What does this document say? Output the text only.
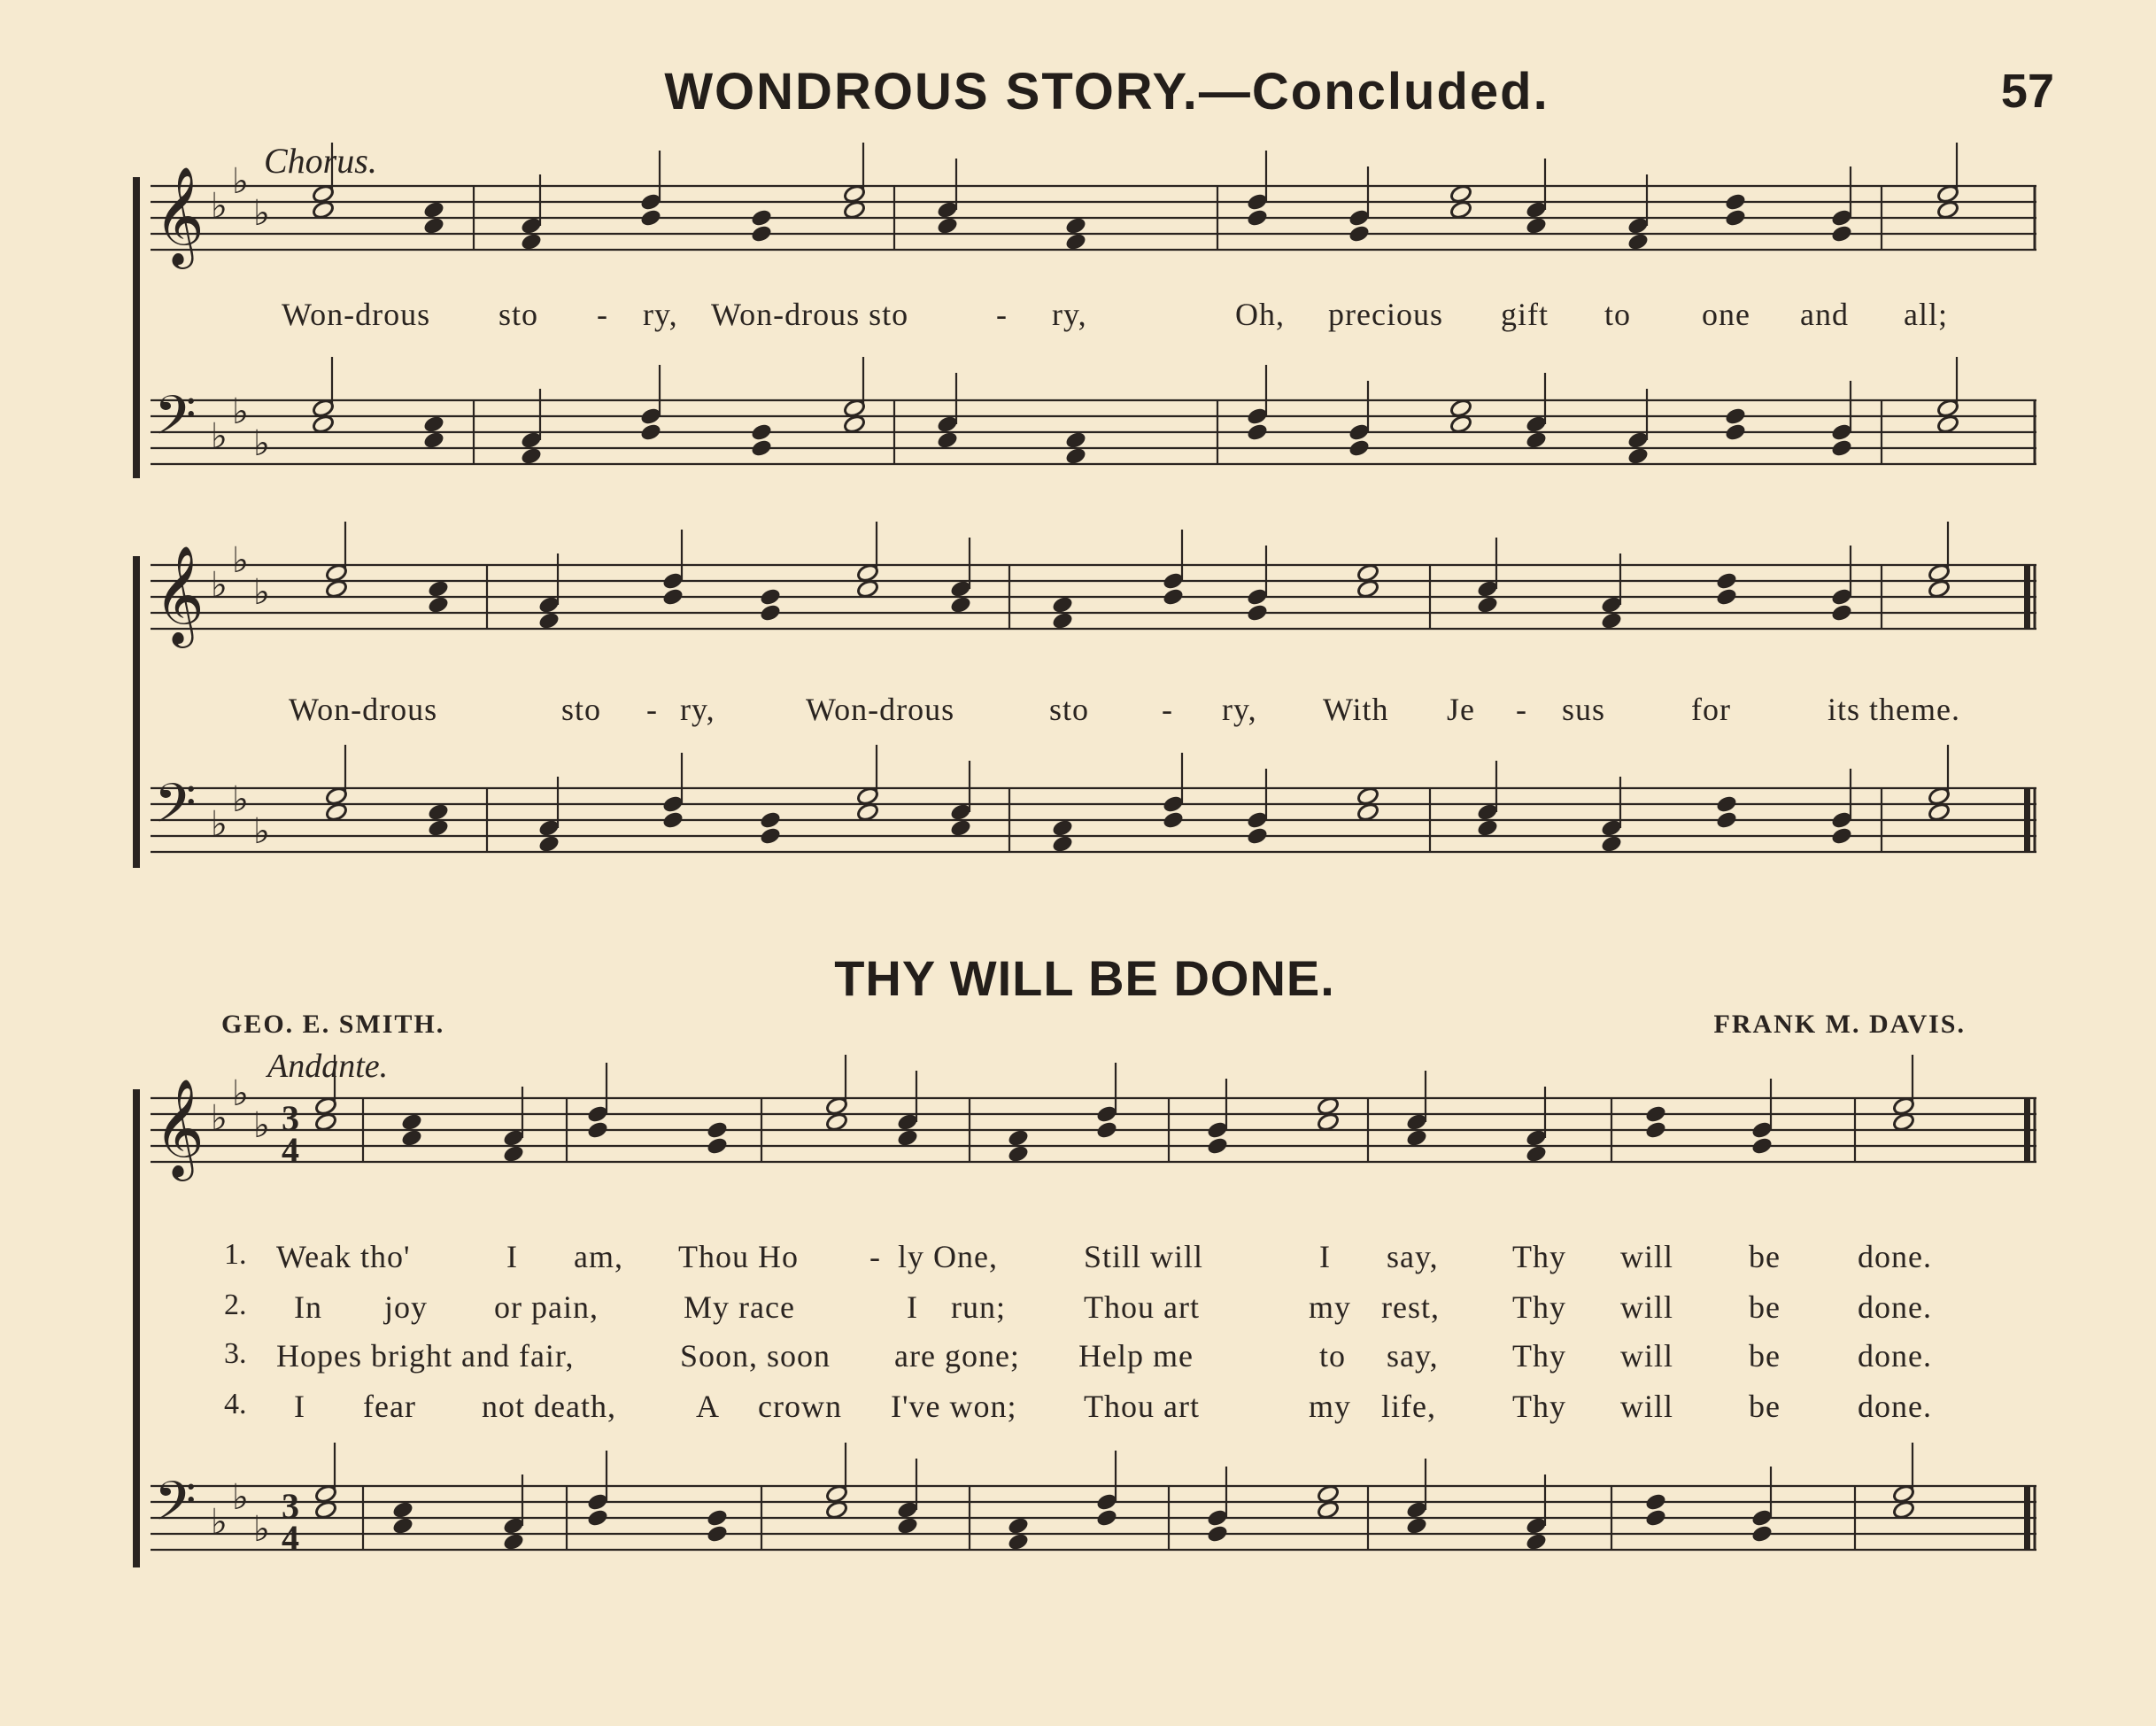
WONDROUS STORY.—Concluded.	57
Chorus.
Won-drous sto - ry, Won-drous sto	- ry,	Oh, precious gift to one and all;
Won-drous	sto - ry,	Won-drous	sto - ry, With Je - sus	for	its theme.
THY WILL BE DONE.
GEO. E. SMITH.	FRANK M. DAVIS.
Andante.
1. Weak tho'	I am, Thou Ho - ly One,	Still will	I say, Thy will be done.
2. In joy or pain,	My race	I run; Thou art	my rest, Thy will be done.
3. Hopes bright and fair,	Soon, soon are gone; Help me	to say, Thy will be done.
4. I fear not death,	A crown I've won; Thou art	my life, Thy will be done.
𝄞 ♭
♭
♭
𝄢 ♭
♭
♭
𝄞 ♭
♭
♭
𝄢 ♭
♭
♭
𝄞 ♭
♭
♭
𝄢 ♭
♭
♭
3
4
3
4
